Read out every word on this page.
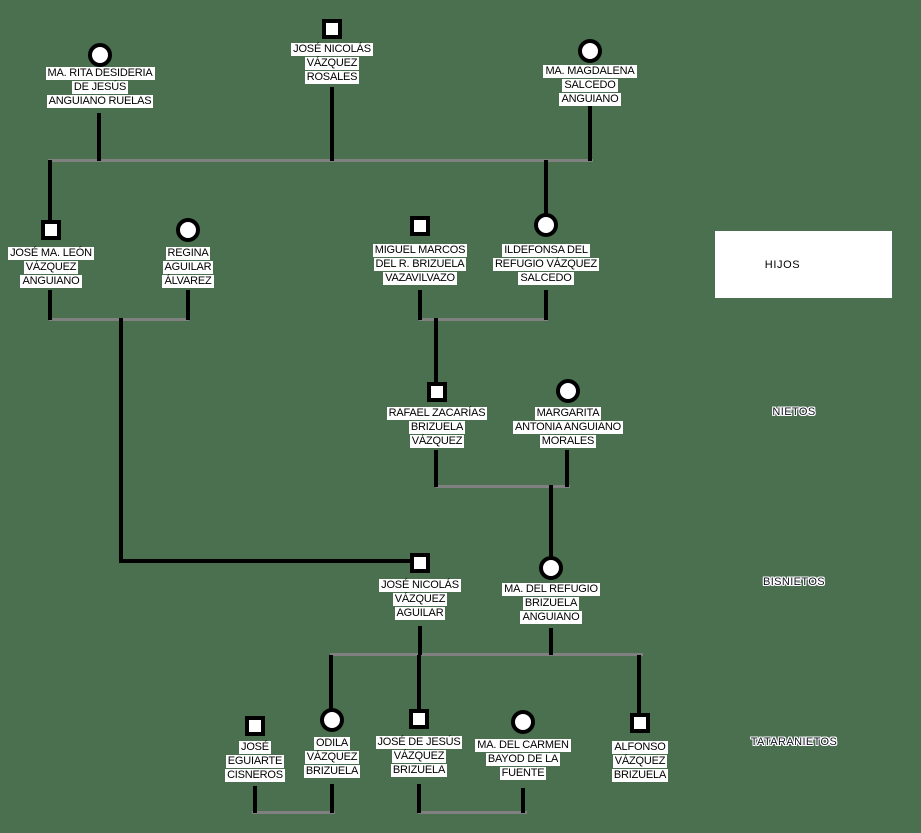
MA. RITA DESIDERIA
DE JESÚS
ANGUIANO RUELAS
JOSÉ NICOLÁS
VÁZQUEZ
ROSALES	MA. MAGDALENA
SALCEDO
ANGUIANO
JOSÉ MA. LEÓN
VÁZQUEZ
ANGUIANO
REGINA
AGUILAR
ÁLVAREZ
MIGUEL MARCOS
DEL R. BRIZUELA
VAZAVILVAZO
ILDEFONSA DEL
REFUGIO VÁZQUEZ
SALCEDO
RAFAEL ZACARÍAS
BRIZUELA
VÁZQUEZ
MARGARITA
ANTONIA ANGUIANO
MORALES
JOSÉ NICOLÁS
VÁZQUEZ
AGUILAR
MA. DEL REFUGIO
BRIZUELA
ANGUIANO
JOSÉ
EGUIARTE
CISNEROS
ODILA
VÁZQUEZ
BRIZUELA
JOSÉ DE JESÚS
VÁZQUEZ
BRIZUELA
MA. DEL CARMEN
BAYOD DE LA
FUENTE
ALFONSO
VÁZQUEZ
BRIZUELA
HIJOS
NIETOS
BISNIETOS
TATARANIETOS
